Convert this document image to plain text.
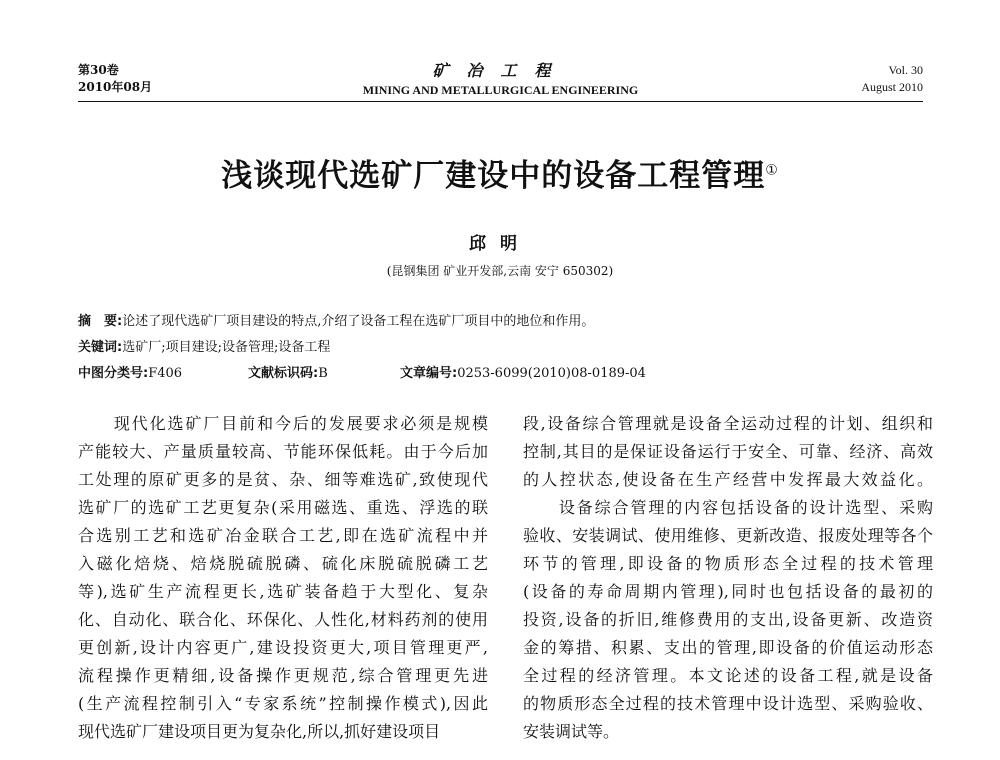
第30卷
2010年08月
矿冶工程
MINING AND METALLURGICAL ENGINEERING
Vol. 30
August 2010
浅谈现代选矿厂建设中的设备工程管理①
邱明
(昆钢集团 矿业开发部,云南 安宁 650302)
摘　要:论述了现代选矿厂项目建设的特点,介绍了设备工程在选矿厂项目中的地位和作用。
关键词:选矿厂;项目建设;设备管理;设备工程
中图分类号:F406	文献标识码:B	文章编号:0253-6099(2010)08-0189-04
　　现代化选矿厂目前和今后的发展要求必须是规模
产能较大、产量质量较高、节能环保低耗。由于今后加
工处理的原矿更多的是贫、杂、细等难选矿,致使现代
选矿厂的选矿工艺更复杂(采用磁选、重选、浮选的联
合选别工艺和选矿冶金联合工艺,即在选矿流程中并
入磁化焙烧、焙烧脱硫脱磷、硫化床脱硫脱磷工艺
等),选矿生产流程更长,选矿装备趋于大型化、复杂
化、自动化、联合化、环保化、人性化,材料药剂的使用
更创新,设计内容更广,建设投资更大,项目管理更严,
流程操作更精细,设备操作更规范,综合管理更先进
(生产流程控制引入“专家系统”控制操作模式),因此
现代选矿厂建设项目更为复杂化,所以,抓好建设项目
段,设备综合管理就是设备全运动过程的计划、组织和
控制,其目的是保证设备运行于安全、可靠、经济、高效
的人控状态,使设备在生产经营中发挥最大效益化。
　　设备综合管理的内容包括设备的设计选型、采购
验收、安装调试、使用维修、更新改造、报废处理等各个
环节的管理,即设备的物质形态全过程的技术管理
(设备的寿命周期内管理),同时也包括设备的最初的
投资,设备的折旧,维修费用的支出,设备更新、改造资
金的筹措、积累、支出的管理,即设备的价值运动形态
全过程的经济管理。本文论述的设备工程,就是设备
的物质形态全过程的技术管理中设计选型、采购验收、
安装调试等。
